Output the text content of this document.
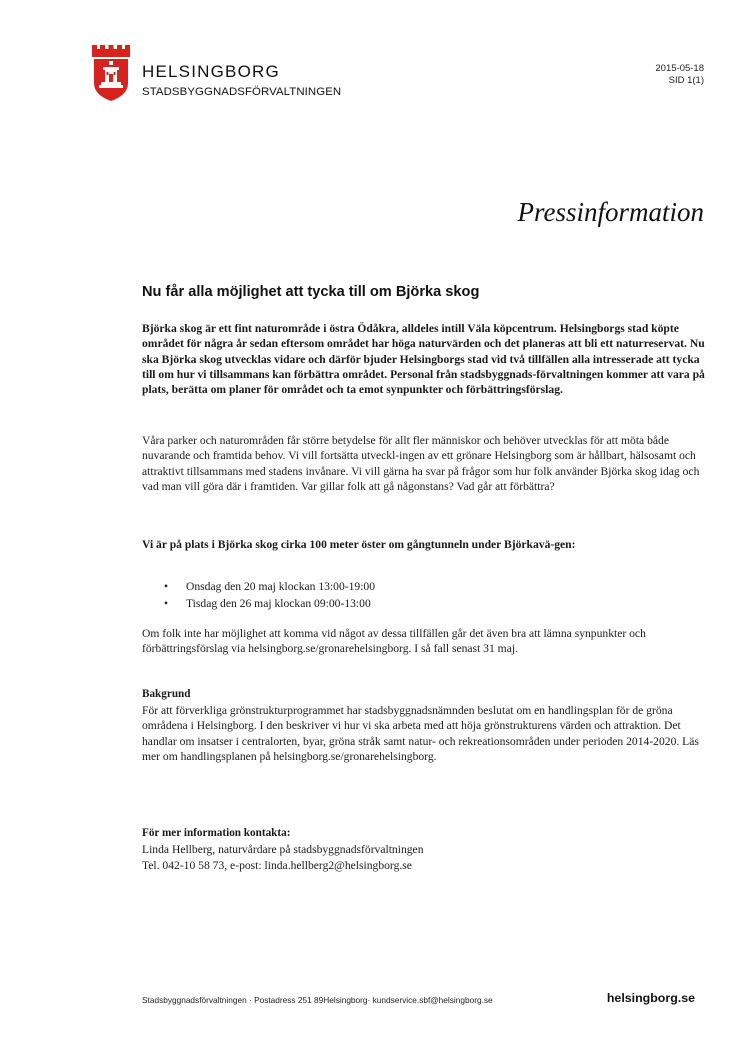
HELSINGBORG
STADSBYGGNADSFÖRVALTNINGEN
2015-05-18
SID 1(1)
Pressinformation
Nu får alla möjlighet att tycka till om Björka skog
Björka skog är ett fint naturområde i östra Ödåkra, alldeles intill Väla köpcentrum. Helsingborgs stad köpte området för några år sedan eftersom området har höga naturvärden och det planeras att bli ett naturreservat. Nu ska Björka skog utvecklas vidare och därför bjuder Helsingborgs stad vid två tillfällen alla intresserade att tycka till om hur vi tillsammans kan förbättra området. Personal från stadsbyggnads-förvaltningen kommer att vara på plats, berätta om planer för området och ta emot synpunkter och förbättringsförslag.
Våra parker och naturområden får större betydelse för allt fler människor och behöver utvecklas för att möta både nuvarande och framtida behov. Vi vill fortsätta utveckl-ingen av ett grönare Helsingborg som är hållbart, hälsosamt och attraktivt tillsammans med stadens invånare. Vi vill gärna ha svar på frågor som hur folk använder Björka skog idag och vad man vill göra där i framtiden. Var gillar folk att gå någonstans? Vad går att förbättra?
Vi är på plats i Björka skog cirka 100 meter öster om gångtunneln under Björkavä-gen:
• Onsdag den 20 maj klockan 13:00-19:00
• Tisdag den 26 maj klockan 09:00-13:00
Om folk inte har möjlighet att komma vid något av dessa tillfällen går det även bra att lämna synpunkter och förbättringsförslag via helsingborg.se/gronarehelsingborg. I så fall senast 31 maj.
Bakgrund
För att förverkliga grönstrukturprogrammet har stadsbyggnadsnämnden beslutat om en handlingsplan för de gröna områdena i Helsingborg. I den beskriver vi hur vi ska arbeta med att höja grönstrukturens värden och attraktion. Det handlar om insatser i centralorten, byar, gröna stråk samt natur- och rekreationsområden under perioden 2014-2020. Läs mer om handlingsplanen på helsingborg.se/gronarehelsingborg.
För mer information kontakta:
Linda Hellberg, naturvårdare på stadsbyggnadsförvaltningen
Tel. 042-10 58 73, e-post: linda.hellberg2@helsingborg.se
Stadsbyggnadsförvaltningen · Postadress 251 89Helsingborg· kundservice.sbf@helsingborg.se	helsingborg.se
